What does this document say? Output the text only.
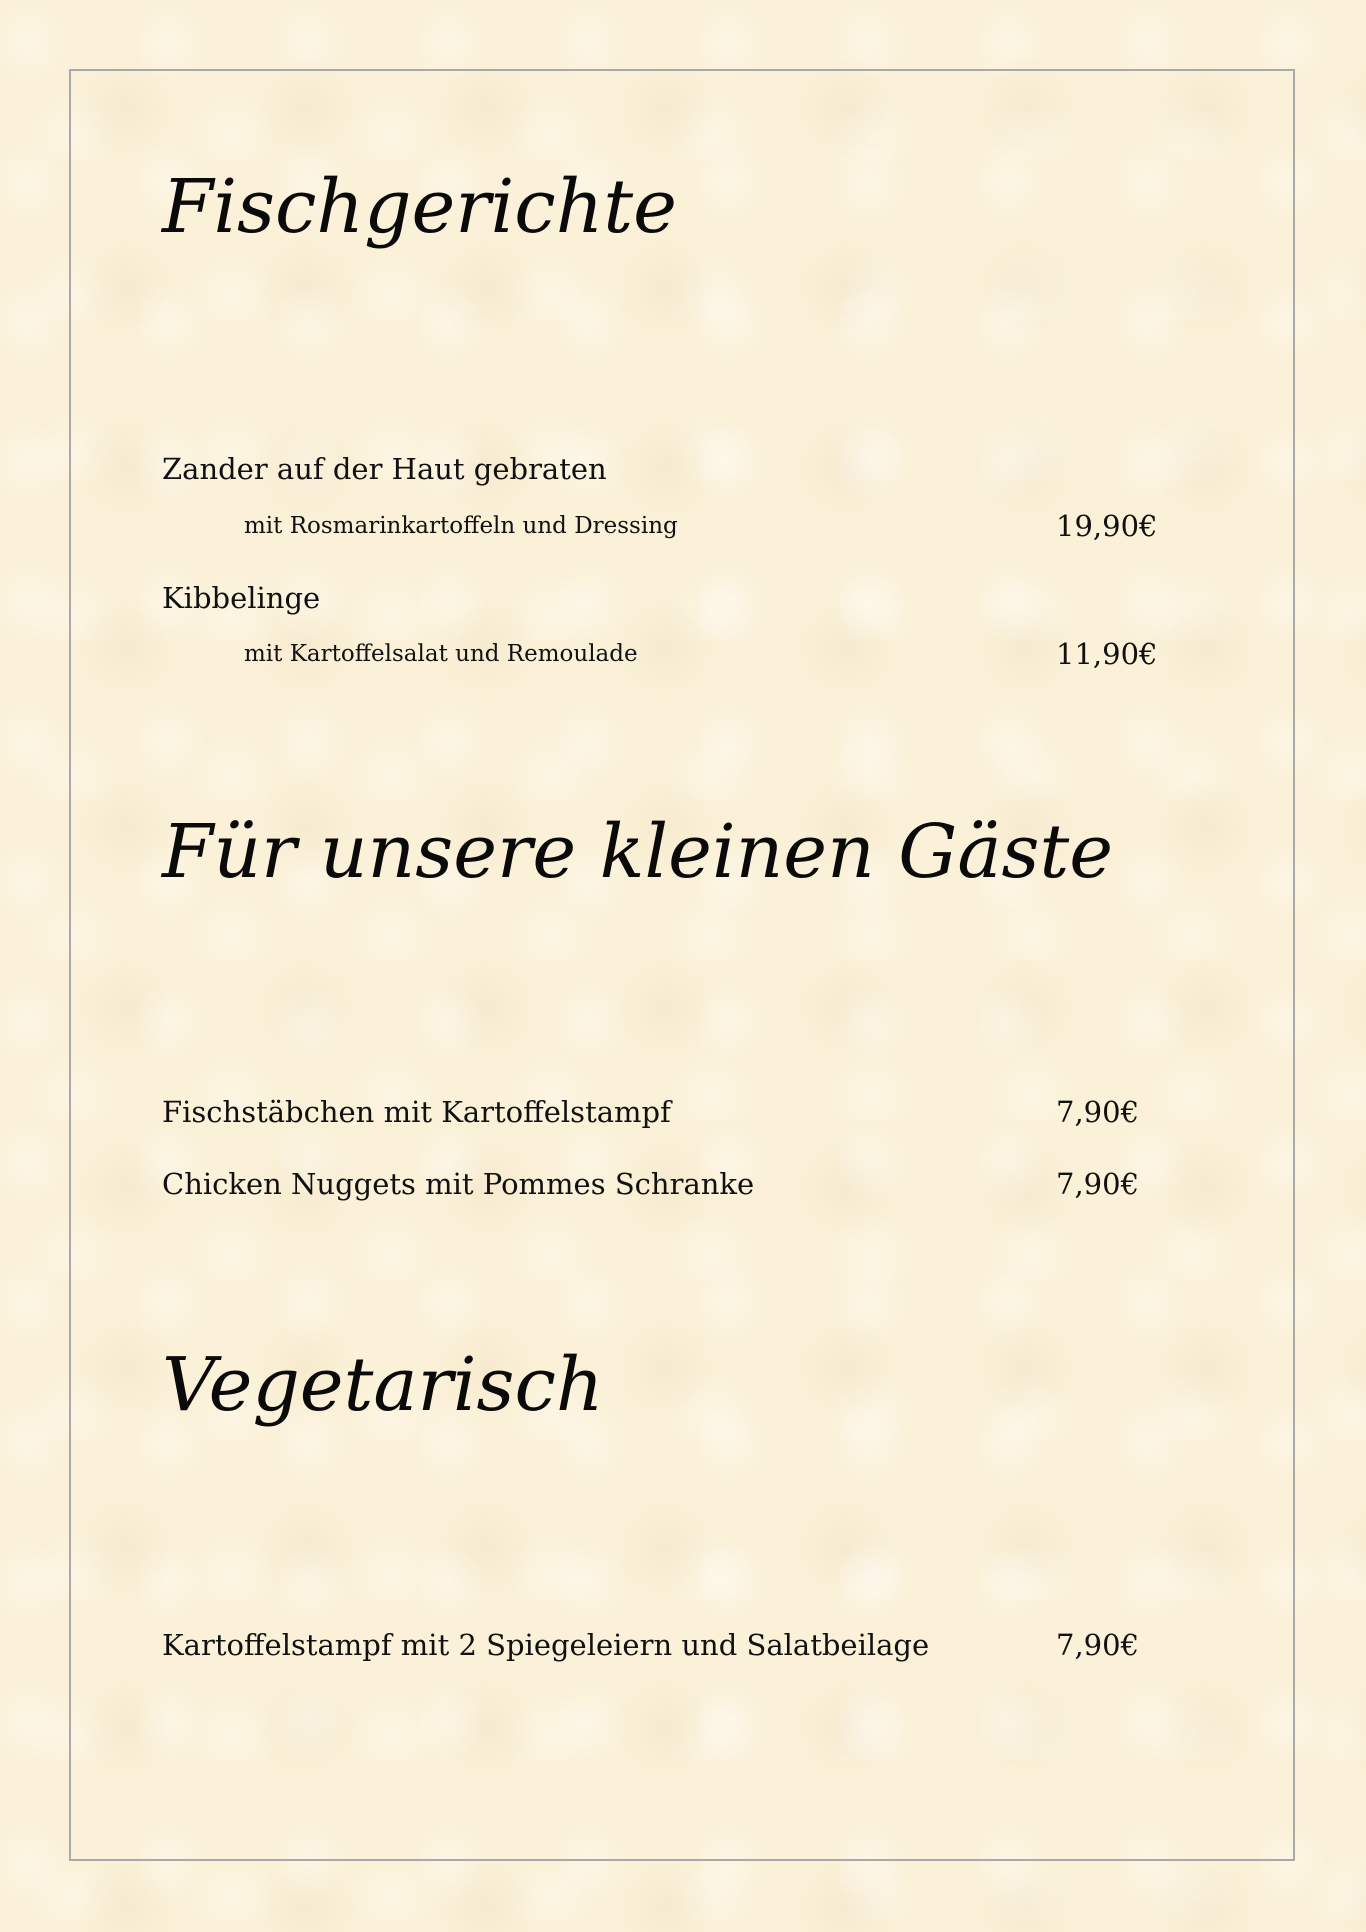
Fischgerichte
Zander auf der Haut gebraten
mit Rosmarinkartoffeln und Dressing	19,90€
Kibbelinge
mit Kartoffelsalat und Remoulade	11,90€
Für unsere kleinen Gäste
Fischstäbchen mit Kartoffelstampf	7,90€
Chicken Nuggets mit Pommes Schranke	7,90€
Vegetarisch
Kartoffelstampf mit 2 Spiegeleiern und Salatbeilage	7,90€
